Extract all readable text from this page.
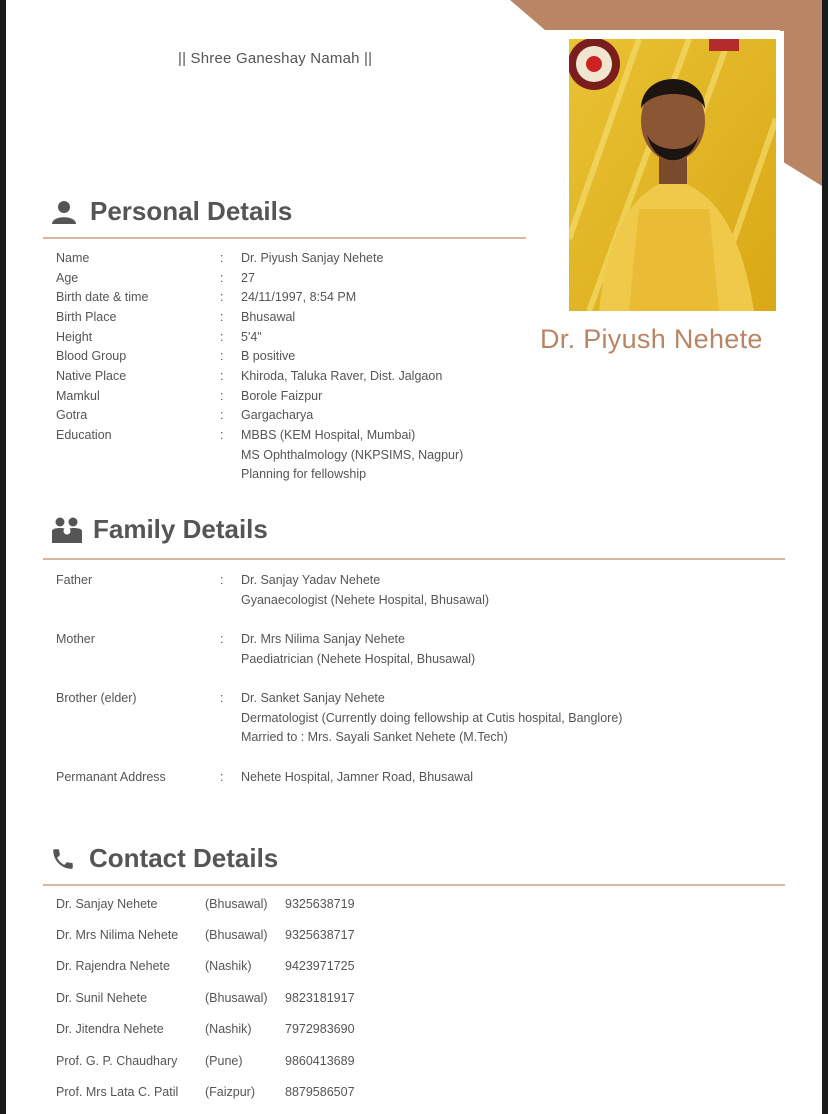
|| Shree Ganeshay Namah ||
Dr. Piyush Nehete
Personal Details
Name	: Dr. Piyush Sanjay Nehete
Age	: 27
Birth date & time	: 24/11/1997, 8:54 PM
Birth Place	: Bhusawal
Height	: 5'4"
Blood Group	: B positive
Native Place	: Khiroda, Taluka Raver, Dist. Jalgaon
Mamkul	: Borole Faizpur
Gotra	: Gargacharya
Education	: MBBS (KEM Hospital, Mumbai)
MS Ophthalmology (NKPSIMS, Nagpur)
Planning for fellowship
Family Details
Father	: Dr. Sanjay Yadav Nehete
Gyanaecologist (Nehete Hospital, Bhusawal)
Mother	: Dr. Mrs Nilima Sanjay Nehete
Paediatrician (Nehete Hospital, Bhusawal)
Brother (elder)	: Dr. Sanket Sanjay Nehete
Dermatologist (Currently doing fellowship at Cutis hospital, Banglore)
Married to : Mrs. Sayali Sanket Nehete (M.Tech)
Permanant Address	: Nehete Hospital, Jamner Road, Bhusawal
Contact Details
Dr. Sanjay Nehete	(Bhusawal) 9325638719
Dr. Mrs Nilima Nehete (Bhusawal) 9325638717
Dr. Rajendra Nehete	(Nashik)	9423971725
Dr. Sunil Nehete	(Bhusawal) 9823181917
Dr. Jitendra Nehete	(Nashik)	7972983690
Prof. G. P. Chaudhary (Pune)	9860413689
Prof. Mrs Lata C. Patil (Faizpur) 8879586507
